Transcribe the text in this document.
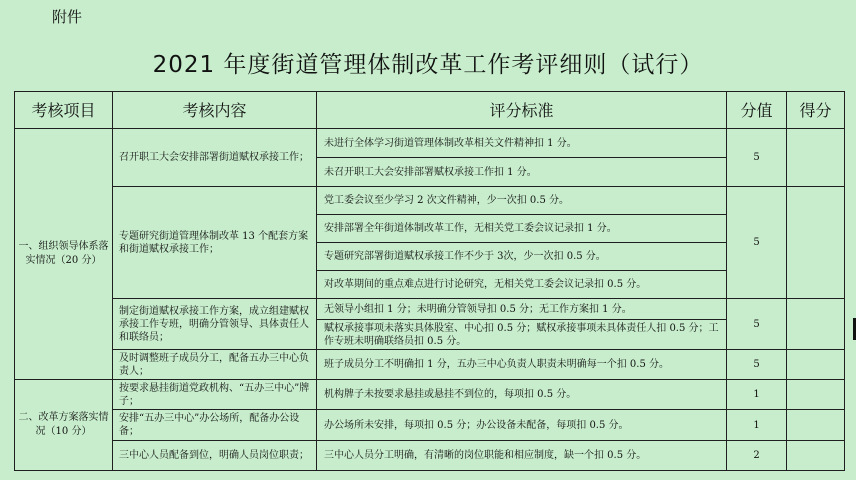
附件
2021 年度街道管理体制改革工作考评细则（试行）
考核项目	考核内容	评分标准	分值	得分
一、组织领导体系落实情况（20 分）	召开职工大会安排部署街道赋权承接工作；	未进行全体学习街道管理体制改革相关文件精神扣 1 分。	5	
		未召开职工大会安排部署赋权承接工作扣 1 分。		
	专题研究街道管理体制改革 13 个配套方案和街道赋权承接工作；	党工委会议至少学习 2 次文件精神，少一次扣 0.5 分。	5	
		安排部署全年街道体制改革工作，无相关党工委会议记录扣 1 分。		
		专题研究部署街道赋权承接工作不少于 3次，少一次扣 0.5 分。		
		对改革期间的重点难点进行讨论研究，无相关党工委会议记录扣 0.5 分。		
	制定街道赋权承接工作方案，成立组建赋权承接工作专班，明确分管领导、具体责任人和联络员；	无领导小组扣 1 分；未明确分管领导扣 0.5 分；无工作方案扣 1 分。	5	
		赋权承接事项未落实具体股室、中心扣 0.5 分；赋权承接事项未具体责任人扣 0.5 分；工作专班未明确联络员扣 0.5 分。		
	及时调整班子成员分工，配备五办三中心负责人；	班子成员分工不明确扣 1 分，五办三中心负责人职责未明确每一个扣 0.5 分。	5	

二、改革方案落实情况（10 分）	按要求悬挂街道党政机构、“五办三中心”牌子；	机构牌子未按要求悬挂或悬挂不到位的，每项扣 0.5 分。	1	
	安排“五办三中心”办公场所，配备办公设备；	办公场所未安排，每项扣 0.5 分；办公设备未配备，每项扣 0.5 分。	1	
	三中心人员配备到位，明确人员岗位职责；	三中心人员分工明确，有清晰的岗位职能和相应制度，缺一个扣 0.5 分。	2	
